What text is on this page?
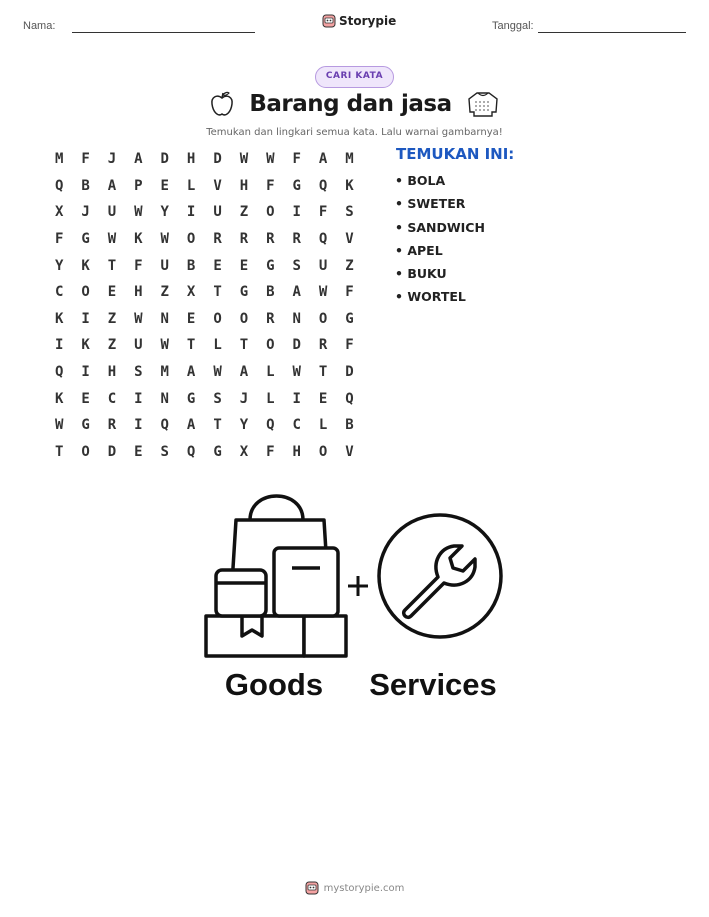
Nama:	Storypie	Tanggal:
CARI KATA
Barang dan jasa
Temukan dan lingkari semua kata. Lalu warnai gambarnya!
M	F	J	A	D	H	D	W	W	F	A	M
Q	B	A	P	E	L	V	H	F	G	Q	K
X	J	U	W	Y	I	U	Z	O	I	F	S
F	G	W	K	W	O	R	R	R	R	Q	V
Y	K	T	F	U	B	E	E	G	S	U	Z
C	O	E	H	Z	X	T	G	B	A	W	F
K	I	Z	W	N	E	O	O	R	N	O	G
I	K	Z	U	W	T	L	T	O	D	R	F
Q	I	H	S	M	A	W	A	L	W	T	D
K	E	C	I	N	G	S	J	L	I	E	Q
W	G	R	I	Q	A	T	Y	Q	C	L	B
T	O	D	E	S	Q	G	X	F	H	O	V
TEMUKAN INI:
• BOLA
• SWETER
• SANDWICH
• APEL
• BUKU
• WORTEL
Goods Services
mystorypie.com
